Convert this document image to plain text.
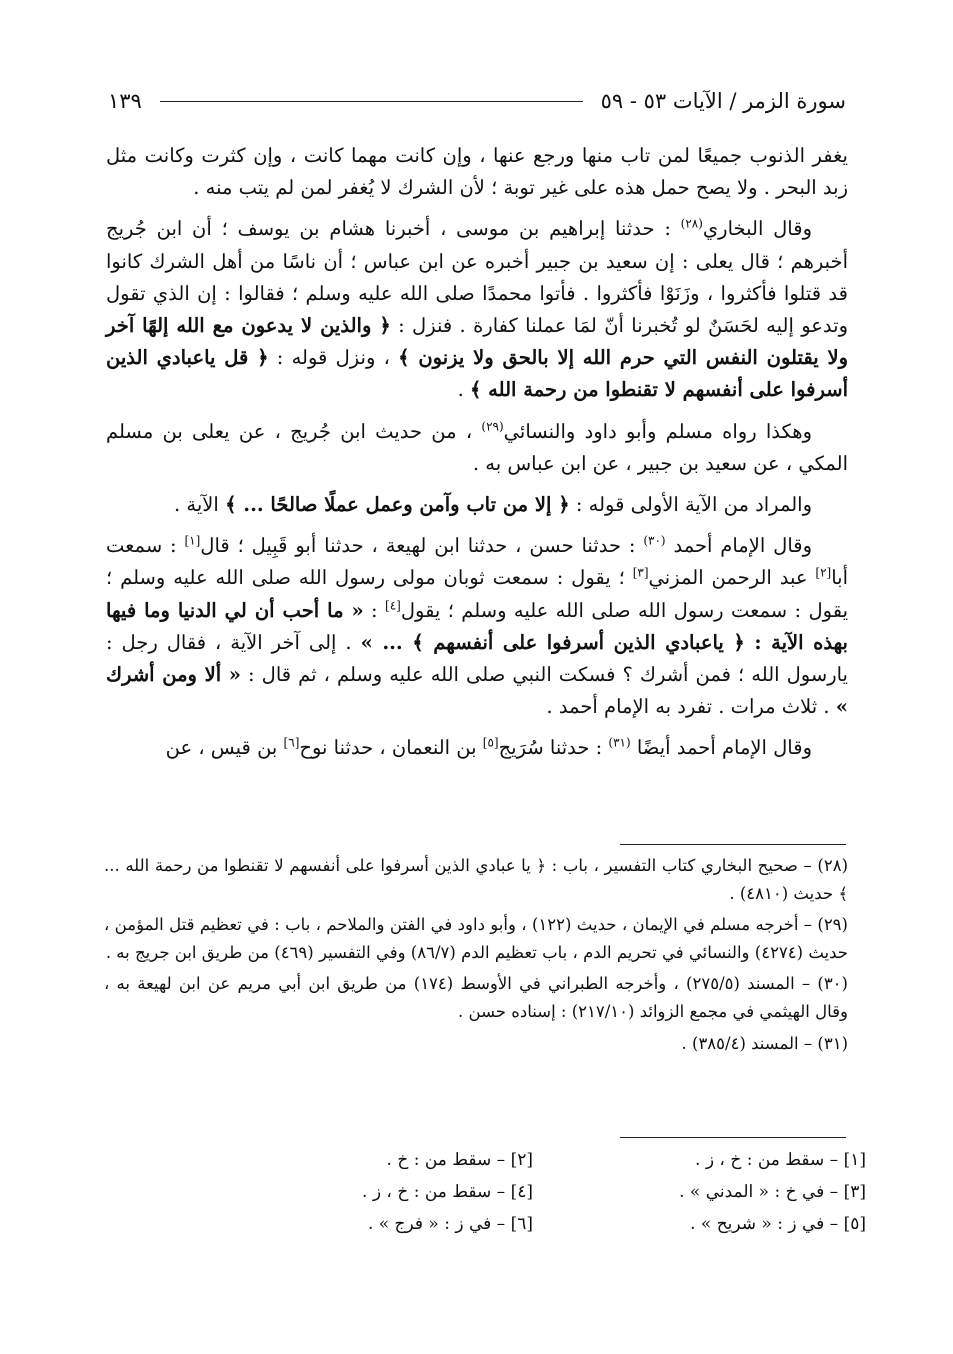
سورة الزمر / الآيات ٥٣ - ٥٩
١٣٩

يغفر الذنوب جميعًا لمن تاب منها ورجع عنها ، وإن كانت مهما كانت ، وإن كثرت وكانت مثل زبد البحر . ولا يصح حمل هذه على غير توبة ؛ لأن الشرك لا يُغفر لمن لم يتب منه .

وقال البخاري$^{(٢٨)}$ : حدثنا إبراهيم بن موسى ، أخبرنا هشام بن يوسف ؛ أن ابن جُريج أخبرهم ؛ قال يعلى : إن سعيد بن جبير أخبره عن ابن عباس ؛ أن ناسًا من أهل الشرك كانوا قد قتلوا فأكثروا ، وزَنَوْا فأكثروا . فأتوا محمدًا صلى الله عليه وسلم ؛ فقالوا : إن الذي تقول وتدعو إليه لحَسَنٌ لو تُخبرنا أنّ لمَا عملنا كفارة . فنزل : ﴿ والذين لا يدعون مع الله إلهًا آخر ولا يقتلون النفس التي حرم الله إلا بالحق ولا يزنون ﴾ ، ونزل قوله : ﴿ قل ياعبادي الذين أسرفوا على أنفسهم لا تقنطوا من رحمة الله ﴾ .

وهكذا رواه مسلم وأبو داود والنسائي$^{(٢٩)}$ ، من حديث ابن جُريج ، عن يعلى بن مسلم المكي ، عن سعيد بن جبير ، عن ابن عباس به .

والمراد من الآية الأولى قوله : ﴿ إلا من تاب وآمن وعمل عملًا صالحًا ... ﴾ الآية .

وقال الإمام أحمد $^{(٣٠)}$ : حدثنا حسن ، حدثنا ابن لهيعة ، حدثنا أبو قَبِيل ؛ قال[١] : سمعت أبا[٢] عبد الرحمن المزني[٣] ؛ يقول : سمعت ثوبان مولى رسول الله صلى الله عليه وسلم ؛ يقول : سمعت رسول الله صلى الله عليه وسلم ؛ يقول[٤] : « ما أحب أن لي الدنيا وما فيها بهذه الآية : ﴿ ياعبادي الذين أسرفوا على أنفسهم ﴾ ... » . إلى آخر الآية ، فقال رجل : يارسول الله ؛ فمن أشرك ؟ فسكت النبي صلى الله عليه وسلم ، ثم قال : « ألا ومن أشرك » . ثلاث مرات . تفرد به الإمام أحمد .

وقال الإمام أحمد أيضًا $^{(٣١)}$ : حدثنا سُرَيج[٥] بن النعمان ، حدثنا نوح[٦] بن قيس ، عن

(٢٨) – صحيح البخاري كتاب التفسير ، باب : ﴿ يا عبادي الذين أسرفوا على أنفسهم لا تقنطوا من رحمة الله ... ﴾ حديث (٤٨١٠) .

(٢٩) – أخرجه مسلم في الإيمان ، حديث (١٢٢) ، وأبو داود في الفتن والملاحم ، باب : في تعظيم قتل المؤمن ، حديث (٤٢٧٤) والنسائي في تحريم الدم ، باب تعظيم الدم (٨٦/٧) وفي التفسير (٤٦٩) من طريق ابن جريج به .

(٣٠) – المسند (٢٧٥/٥) ، وأخرجه الطبراني في الأوسط (١٧٤) من طريق ابن أبي مريم عن ابن لهيعة به ، وقال الهيثمي في مجمع الزوائد (٢١٧/١٠) : إسناده حسن .

(٣١) – المسند (٣٨٥/٤) .

[١] – سقط من : خ ، ز .
[٢] – سقط من : خ .
[٣] – في خ : « المدني » .
[٤] – سقط من : خ ، ز .
[٥] – في ز : « شريح » .
[٦] – في ز : « فرج » .
